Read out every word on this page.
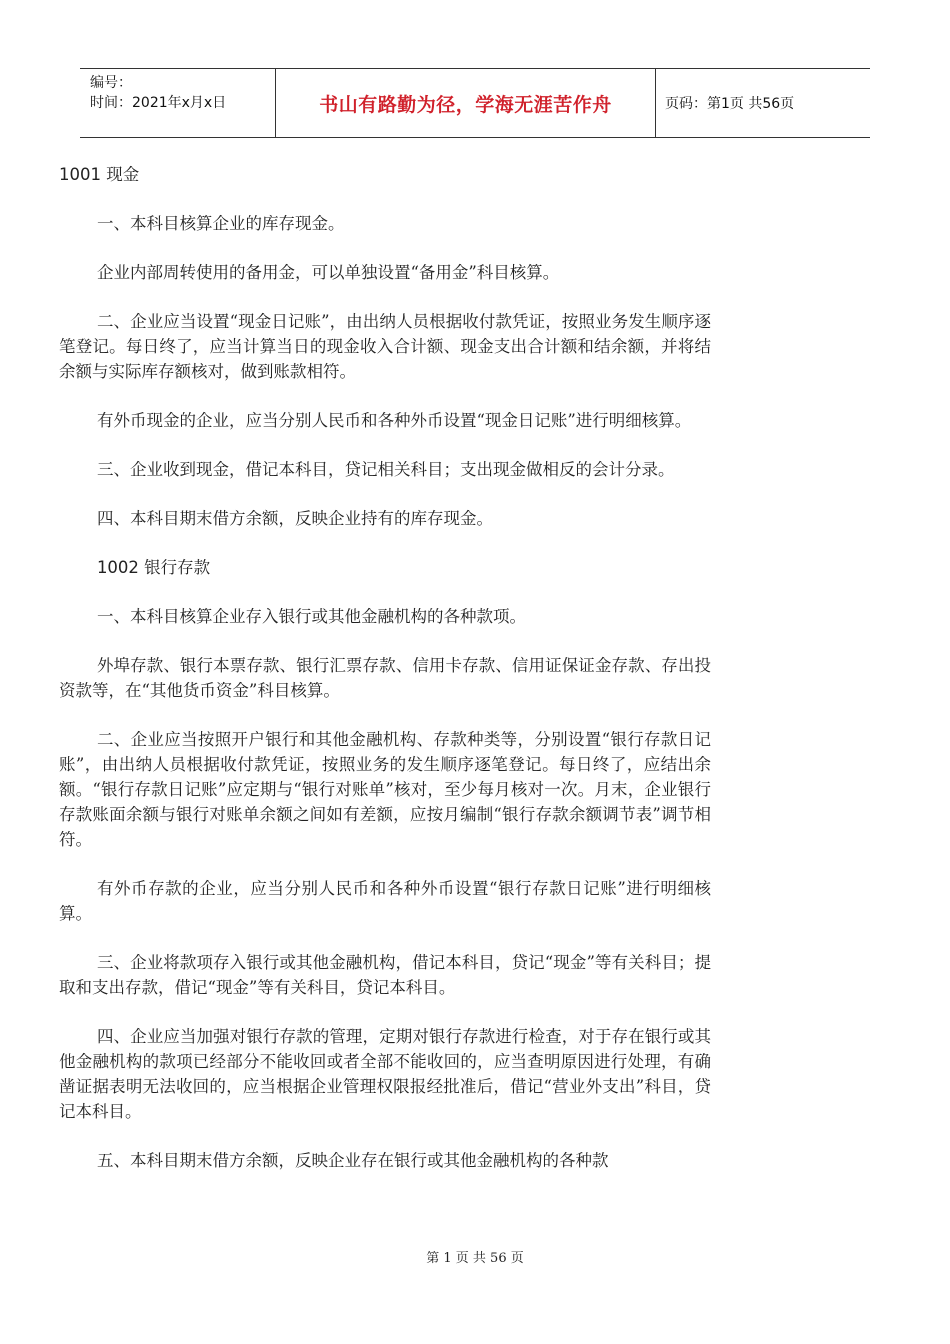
编号：
时间：2021年x月x日	书山有路勤为径，学海无涯苦作舟	页码：第1页 共56页

1001 现金

一、本科目核算企业的库存现金。

企业内部周转使用的备用金，可以单独设置“备用金”科目核算。

二、企业应当设置“现金日记账”，由出纳人员根据收付款凭证，按照业务发生顺序逐笔登记。每日终了，应当计算当日的现金收入合计额、现金支出合计额和结余额，并将结余额与实际库存额核对，做到账款相符。

有外币现金的企业，应当分别人民币和各种外币设置“现金日记账”进行明细核算。

三、企业收到现金，借记本科目，贷记相关科目；支出现金做相反的会计分录。

四、本科目期末借方余额，反映企业持有的库存现金。

1002 银行存款

一、本科目核算企业存入银行或其他金融机构的各种款项。

外埠存款、银行本票存款、银行汇票存款、信用卡存款、信用证保证金存款、存出投资款等，在“其他货币资金”科目核算。

二、企业应当按照开户银行和其他金融机构、存款种类等，分别设置“银行存款日记账”，由出纳人员根据收付款凭证，按照业务的发生顺序逐笔登记。每日终了，应结出余额。“银行存款日记账”应定期与“银行对账单”核对，至少每月核对一次。月末，企业银行存款账面余额与银行对账单余额之间如有差额，应按月编制“银行存款余额调节表”调节相符。

有外币存款的企业，应当分别人民币和各种外币设置“银行存款日记账”进行明细核算。

三、企业将款项存入银行或其他金融机构，借记本科目，贷记“现金”等有关科目；提取和支出存款，借记“现金”等有关科目，贷记本科目。

四、企业应当加强对银行存款的管理，定期对银行存款进行检查，对于存在银行或其他金融机构的款项已经部分不能收回或者全部不能收回的，应当查明原因进行处理，有确凿证据表明无法收回的，应当根据企业管理权限报经批准后，借记“营业外支出”科目，贷记本科目。

五、本科目期末借方余额，反映企业存在银行或其他金融机构的各种款

第 1 页 共 56 页
